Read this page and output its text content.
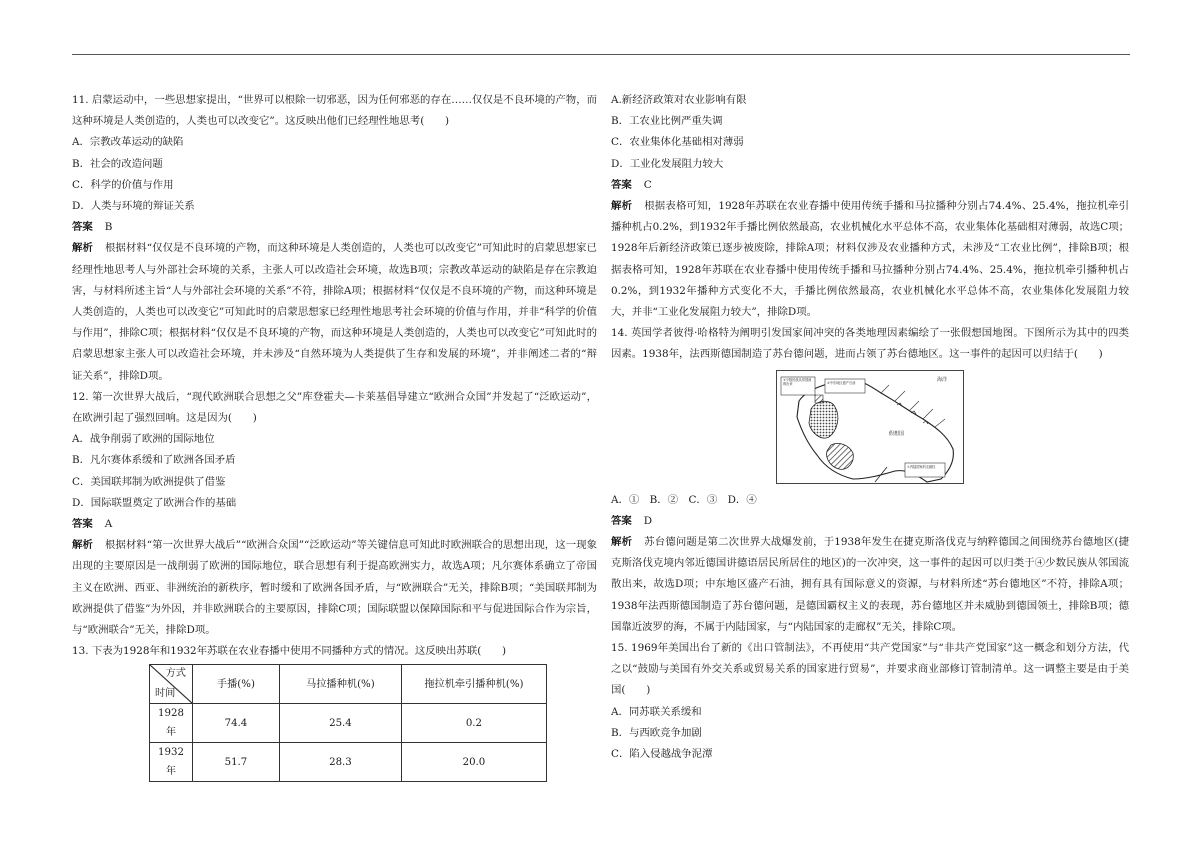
11. 启蒙运动中，一些思想家提出，“世界可以根除一切邪恶，因为任何邪恶的存在……仅仅是不良环境的产物，而这种环境是人类创造的，人类也可以改变它”。这反映出他们已经理性地思考(　　)

A．宗教改革运动的缺陷

B．社会的改造问题

C．科学的价值与作用

D．人类与环境的辩证关系

答案 B

解析 根据材料“仅仅是不良环境的产物，而这种环境是人类创造的，人类也可以改变它”可知此时的启蒙思想家已经理性地思考人与外部社会环境的关系，主张人可以改造社会环境，故选B项；宗教改革运动的缺陷是存在宗教迫害，与材料所述主旨“人与外部社会环境的关系”不符，排除A项；根据材料“仅仅是不良环境的产物，而这种环境是人类创造的，人类也可以改变它”可知此时的启蒙思想家已经理性地思考社会环境的价值与作用，并非“科学的价值与作用”，排除C项；根据材料“仅仅是不良环境的产物，而这种环境是人类创造的，人类也可以改变它”可知此时的启蒙思想家主张人可以改造社会环境，并未涉及“自然环境为人类提供了生存和发展的环境”，并非阐述二者的“辩证关系”，排除D项。

12. 第一次世界大战后，“现代欧洲联合思想之父”库登霍夫—卡莱基倡导建立“欧洲合众国”并发起了“泛欧运动”，在欧洲引起了强烈回响。这是因为(　　)

A．战争削弱了欧洲的国际地位

B．凡尔赛体系缓和了欧洲各国矛盾

C．美国联邦制为欧洲提供了借鉴

D．国际联盟奠定了欧洲合作的基础

答案 A

解析 根据材料“第一次世界大战后”“欧洲合众国”“泛欧运动”等关键信息可知此时欧洲联合的思想出现，这一现象出现的主要原因是一战削弱了欧洲的国际地位，联合思想有利于提高欧洲实力，故选A项；凡尔赛体系确立了帝国主义在欧洲、西亚、非洲统治的新秩序，暂时缓和了欧洲各国矛盾，与“欧洲联合”无关，排除B项；“美国联邦制为欧洲提供了借鉴”为外因，并非欧洲联合的主要原因，排除C项；国际联盟以保障国际和平与促进国际合作为宗旨，与“欧洲联合”无关，排除D项。

13. 下表为1928年和1932年苏联在农业春播中使用不同播种方式的情况。这反映出苏联(　　)

方式
时间	手播(%)	马拉播种机(%)	拖拉机牵引播种机(%)
1928年	74.4	25.4	0.2
1932年	51.7	28.3	20.0

A.新经济政策对农业影响有限

B．工农业比例严重失调

C．农业集体化基础相对薄弱

D．工业化发展阻力较大

答案 C

解析 根据表格可知，1928年苏联在农业春播中使用传统手播和马拉播种分别占74.4%、25.4%，拖拉机牵引播种机占0.2%，到1932年手播比例依然最高，农业机械化水平总体不高，农业集体化基础相对薄弱，故选C项；1928年后新经济政策已逐步被废除，排除A项；材料仅涉及农业播种方式，未涉及“工农业比例”，排除B项；根据表格可知，1928年苏联在农业春播中使用传统手播和马拉播种分别占74.4%、25.4%，拖拉机牵引播种机占0.2%，到1932年播种方式变化不大，手播比例依然最高，农业机械化水平总体不高，农业集体化发展阻力较大，并非“工业化发展阻力较大”，排除D项。

14. 英国学者彼得·哈格特为阐明引发国家间冲突的各类地理因素编绘了一张假想国地图。下图所示为其中的四类因素。1938年，法西斯德国制造了苏台德问题，进而占领了苏台德地区。这一事件的起因可以归结于(　　)

③少数民族从邻国流散出来	④中东地区盛产石油	海洋
假想国
①内陆国家的走廊权

A．①　B．②　C．③　D．④

答案 D

解析 苏台德问题是第二次世界大战爆发前，于1938年发生在捷克斯洛伐克与纳粹德国之间围绕苏台德地区(捷克斯洛伐克境内邻近德国讲德语居民所居住的地区)的一次冲突，这一事件的起因可以归类于④少数民族从邻国流散出来，故选D项；中东地区盛产石油，拥有具有国际意义的资源，与材料所述“苏台德地区”不符，排除A项；1938年法西斯德国制造了苏台德问题，是德国霸权主义的表现，苏台德地区并未威胁到德国领土，排除B项；德国靠近波罗的海，不属于内陆国家，与“内陆国家的走廊权”无关，排除C项。

15. 1969年美国出台了新的《出口管制法》，不再使用“共产党国家”与“非共产党国家”这一概念和划分方法，代之以“鼓励与美国有外交关系或贸易关系的国家进行贸易”，并要求商业部修订管制清单。这一调整主要是由于美国(　　)

A．同苏联关系缓和

B．与西欧竞争加剧

C．陷入侵越战争泥潭
